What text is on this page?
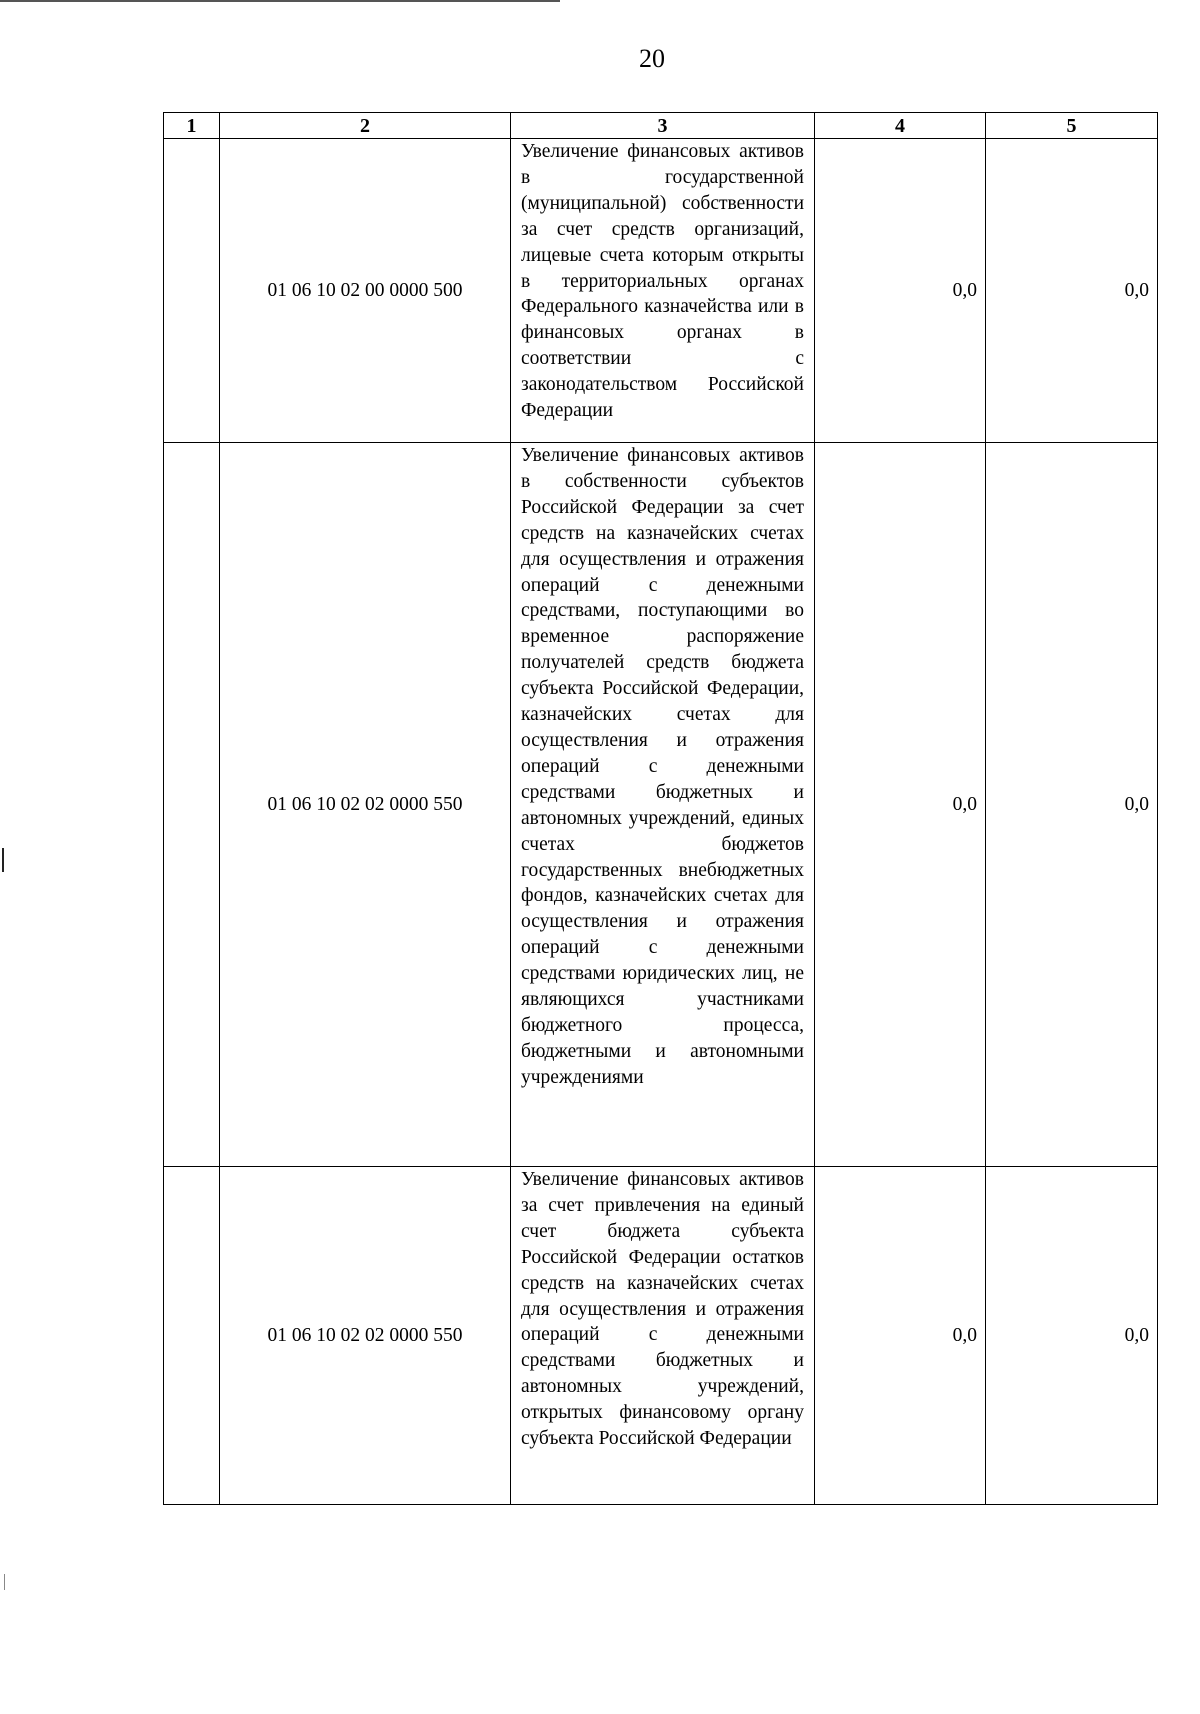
20
1	2	3	4	5
	01 06 10 02 00 0000 500	Увеличение финансовых активов в государственной (муниципальной) собственности за счет средств организаций, лицевые счета которым открыты в территориальных органах Федерального казначейства или в финансовых органах в соответствии с законодательством Российской Федерации	0,0	0,0
	01 06 10 02 02 0000 550	Увеличение финансовых активов в собственности субъектов Российской Федерации за счет средств на казначейских счетах для осуществления и отражения операций с денежными средствами, поступающими во временное распоряжение получателей средств бюджета субъекта Российской Федерации, казначейских счетах для осуществления и отражения операций с денежными средствами бюджетных и автономных учреждений, единых счетах бюджетов государственных внебюджетных фондов, казначейских счетах для осуществления и отражения операций с денежными средствами юридических лиц, не являющихся участниками бюджетного процесса, бюджетными и автономными учреждениями	0,0	0,0
	01 06 10 02 02 0000 550	Увеличение финансовых активов за счет привлечения на единый счет бюджета субъекта Российской Федерации остатков средств на казначейских счетах для осуществления и отражения операций с денежными средствами бюджетных и автономных учреждений, открытых финансовому органу субъекта Российской Федерации	0,0	0,0
